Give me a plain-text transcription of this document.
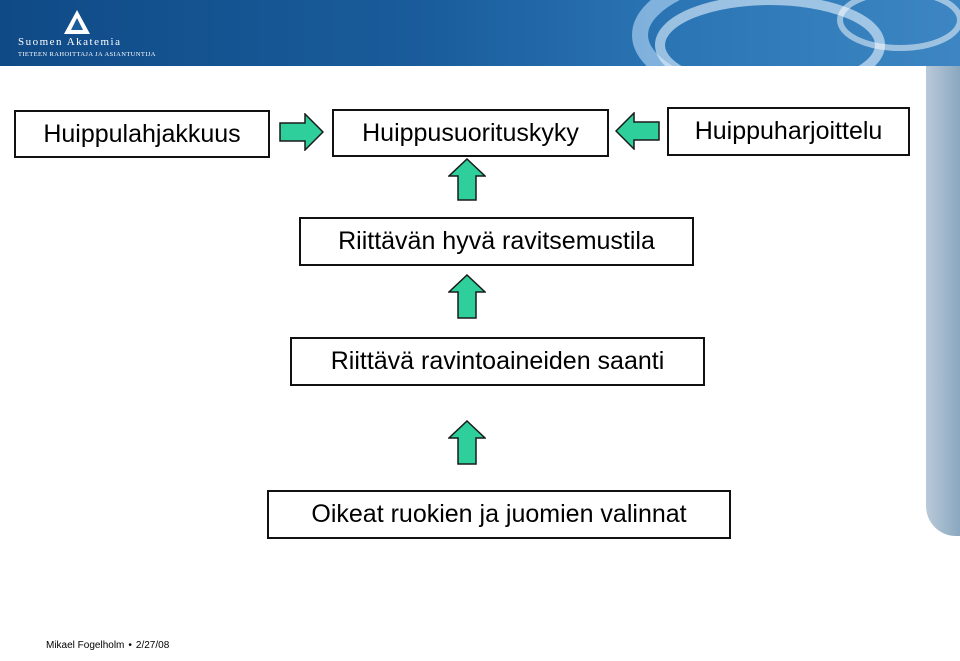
Suomen Akatemia
TIETEEN RAHOITTAJA JA ASIANTUNTIJA
Huippulahjakkuus	Huippusuorituskyky	Huippuharjoittelu
Riittävän hyvä ravitsemustila
Riittävä ravintoaineiden saanti
Oikeat ruokien ja juomien valinnat
Mikael Fogelholm • 2/27/08
